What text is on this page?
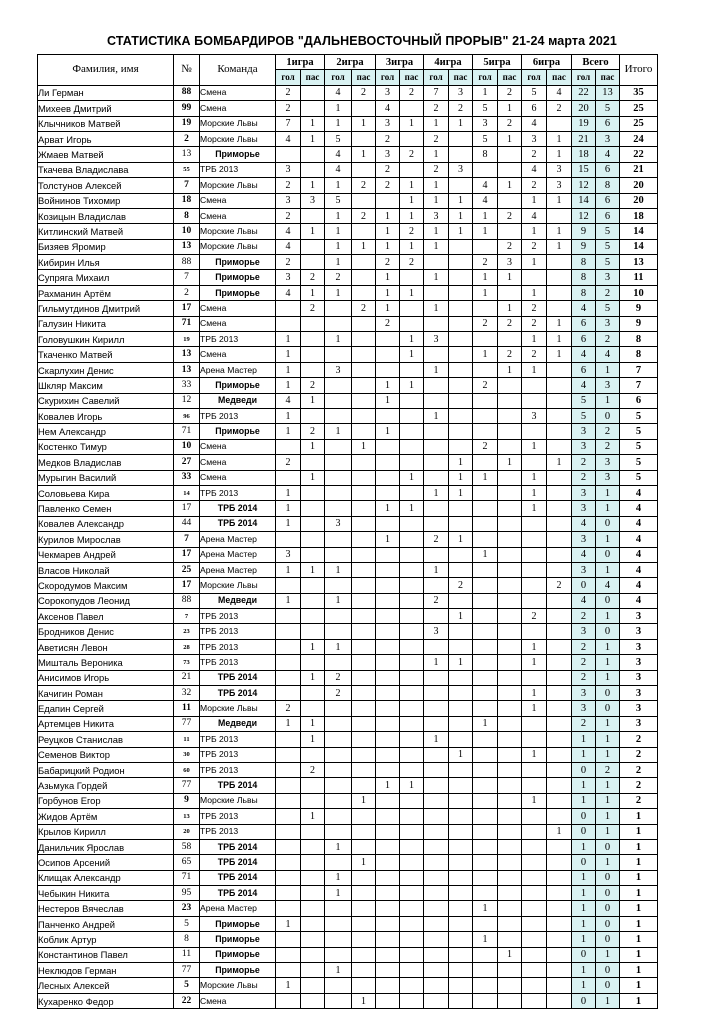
СТАТИСТИКА БОМБАРДИРОВ "ДАЛЬНЕВОСТОЧНЫЙ ПРОРЫВ" 21-24 марта 2021
Фамилия, имя	№	Команда	1игра		2игра		3игра		4игра		5игра		6игра		Всего		Итого
			гол	пас	гол	пас	гол	пас	гол	пас	гол	пас	гол	пас	гол	пас	
Ли Герман	88	Смена	2		4	2	3	2	7	3	1	2	5	4	22	13	35
Михеев Дмитрий	99	Смена	2		1		4		2	2	5	1	6	2	20	5	25
Клычников Матвей	19	Морские Львы	7	1	1	1	3	1	1	1	3	2	4		19	6	25
Арват Игорь	2	Морские Львы	4	1	5		2		2		5	1	3	1	21	3	24
Жмаев Матвей	13	Приморье			4	1	3	2	1		8		2	1	18	4	22
Ткачева Владислава	55	ТРБ 2013	3		4		2		2	3			4	3	15	6	21
Толстунов Алексей	7	Морские Львы	2	1	1	2	2	1	1		4	1	2	3	12	8	20
Войнинов Тихомир	18	Смена	3	3	5			1	1	1	4		1	1	14	6	20
Козицын Владислав	8	Смена	2		1	2	1	1	3	1	1	2	4		12	6	18
Китлинский Матвей	10	Морские Львы	4	1	1		1	2	1	1	1		1	1	9	5	14
Бизяев Яромир	13	Морские Львы	4		1	1	1	1	1			2	2	1	9	5	14
Кибирин Илья	88	Приморье	2		1		2	2			2	3	1		8	5	13
Супряга Михаил	7	Приморье	3	2	2		1		1		1	1			8	3	11
Рахманин Артём	2	Приморье	4	1	1		1	1			1		1		8	2	10
Гильмутдинов Дмитрий	17	Смена		2		2	1		1			1	2		4	5	9
Галузин Никита	71	Смена					2				2	2	2	1	6	3	9
Головушкин Кирилл	19	ТРБ 2013	1		1			1	3				1	1	6	2	8
Ткаченко Матвей	13	Смена	1					1			1	2	2	1	4	4	8
Скарлухин Денис	13	Арена Мастер	1		3				1			1	1		6	1	7
Шкляр Максим	33	Приморье	1	2			1	1			2				4	3	7
Скурихин Савелий	12	Медведи	4	1			1								5	1	6
Ковалев Игорь	96	ТРБ 2013	1						1				3		5	0	5
Нем Александр	71	Приморье	1	2	1		1								3	2	5
Костенко Тимур	10	Смена		1		1					2		1		3	2	5
Медков Владислав	27	Смена	2							1		1		1	2	3	5
Мурыгин Василий	33	Смена		1				1		1	1		1		2	3	5
Соловьева Кира	14	ТРБ 2013	1						1	1			1		3	1	4
Павленко Семен	17	ТРБ 2014	1				1	1					1		3	1	4
Ковалев Александр	44	ТРБ 2014	1		3										4	0	4
Курилов Мирослав	7	Арена Мастер					1		2	1					3	1	4
Чекмарев Андрей	17	Арена Мастер	3								1				4	0	4
Власов Николай	25	Арена Мастер	1	1	1				1						3	1	4
Скородумов Максим	17	Морские Львы								2				2	0	4	4
Сорокопудов Леонид	88	Медведи	1		1				2						4	0	4
Аксенов Павел	7	ТРБ 2013								1			2		2	1	3
Бродников Денис	23	ТРБ 2013							3						3	0	3
Аветисян Левон	28	ТРБ 2013		1	1								1		2	1	3
Мишталь Вероника	73	ТРБ 2013							1	1			1		2	1	3
Анисимов Игорь	21	ТРБ 2014		1	2										2	1	3
Качигин Роман	32	ТРБ 2014			2								1		3	0	3
Едапин Сергей	11	Морские Львы	2										1		3	0	3
Артемцев Никита	77	Медведи	1	1							1				2	1	3
Реуцков Станислав	11	ТРБ 2013		1					1						1	1	2
Семенов Виктор	30	ТРБ 2013								1			1		1	1	2
Бабарицкий Родион	60	ТРБ 2013		2											0	2	2
Азьмука Гордей	77	ТРБ 2014					1	1							1	1	2
Горбунов Егор	9	Морские Львы				1							1		1	1	2
Жидов Артём	13	ТРБ 2013		1											0	1	1
Крылов Кирилл	20	ТРБ 2013												1	0	1	1
Данильчик Ярослав	58	ТРБ 2014			1										1	0	1
Осипов Арсений	65	ТРБ 2014				1									0	1	1
Клищак Александр	71	ТРБ 2014			1										1	0	1
Чебыкин Никита	95	ТРБ 2014			1										1	0	1
Нестеров Вячеслав	23	Арена Мастер									1				1	0	1
Панченко Андрей	5	Приморье	1												1	0	1
Коблик Артур	8	Приморье									1				1	0	1
Константинов Павел	11	Приморье										1			0	1	1
Неклюдов Герман	77	Приморье			1										1	0	1
Лесных Алексей	5	Морские Львы	1												1	0	1
Кухаренко Федор	22	Смена				1									0	1	1
